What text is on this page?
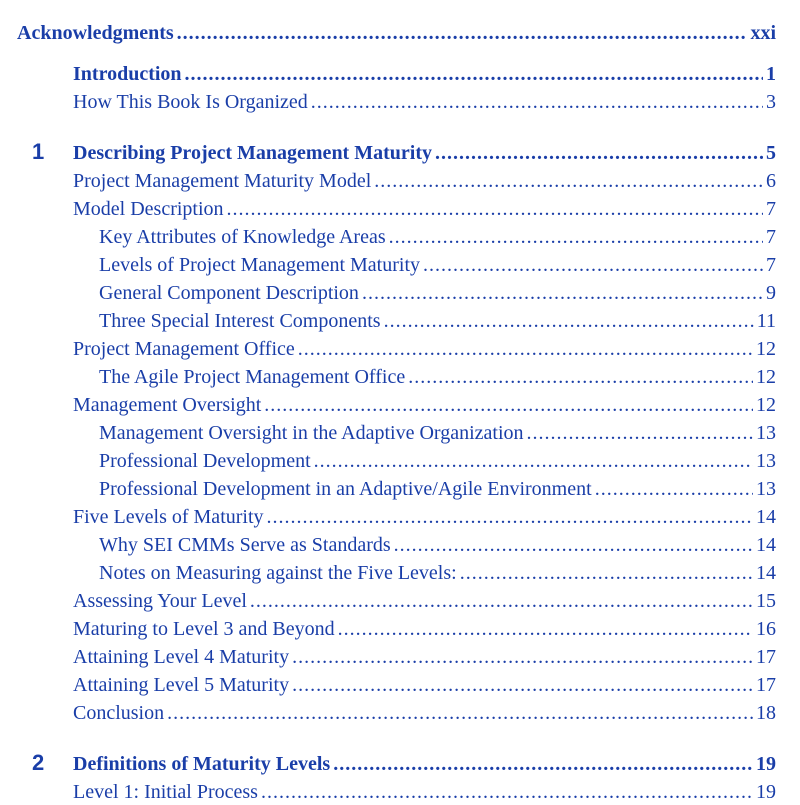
Acknowledgments .....	xxi
Introduction .....	1
How This Book Is Organized .....	3
1 Describing Project Management Maturity .....	5
Project Management Maturity Model .....	6
Model Description .....	7
Key Attributes of Knowledge Areas .....	7
Levels of Project Management Maturity .....	7
General Component Description .....	9
Three Special Interest Components .....	11
Project Management Office .....	12
The Agile Project Management Office .....	12
Management Oversight .....	12
Management Oversight in the Adaptive Organization .....	13
Professional Development .....	13
Professional Development in an Adaptive/Agile Environment .....	13
Five Levels of Maturity .....	14
Why SEI CMMs Serve as Standards .....	14
Notes on Measuring against the Five Levels: .....	14
Assessing Your Level .....	15
Maturing to Level 3 and Beyond .....	16
Attaining Level 4 Maturity .....	17
Attaining Level 5 Maturity .....	17
Conclusion .....	18
2 Definitions of Maturity Levels .....	19
Level 1: Initial Process .....	19
